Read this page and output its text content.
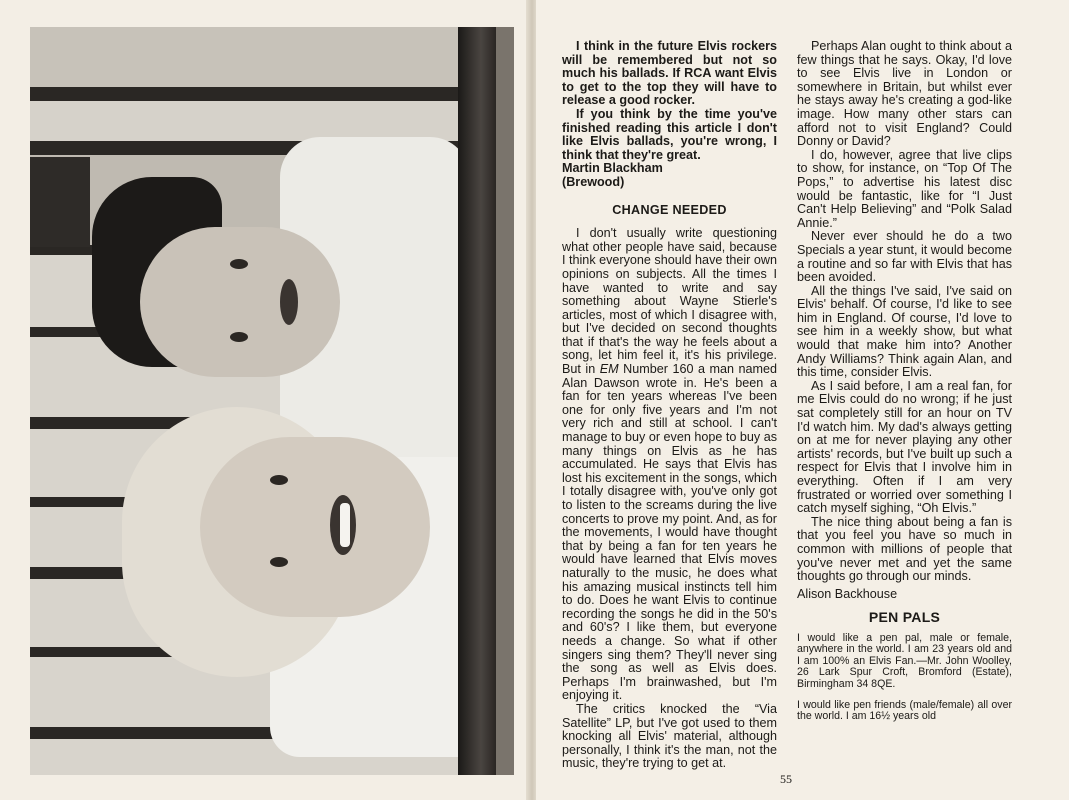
I think in the future Elvis rockers will be remembered but not so much his ballads. If RCA want Elvis to get to the top they will have to release a good rocker.

If you think by the time you've finished reading this article I don't like Elvis ballads, you're wrong, I think that they're great.

Martin Blackham

(Brewood)

CHANGE NEEDED

I don't usually write questioning what other people have said, because I think everyone should have their own opinions on subjects. All the times I have wanted to write and say something about Wayne Stierle's articles, most of which I disagree with, but I've decided on second thoughts that if that's the way he feels about a song, let him feel it, it's his privilege. But in EM Number 160 a man named Alan Dawson wrote in. He's been a fan for ten years whereas I've been one for only five years and I'm not very rich and still at school. I can't manage to buy or even hope to buy as many things on Elvis as he has accumulated. He says that Elvis has lost his excitement in the songs, which I totally disagree with, you've only got to listen to the screams during the live concerts to prove my point. And, as for the movements, I would have thought that by being a fan for ten years he would have learned that Elvis moves naturally to the music, he does what his amazing musical instincts tell him to do. Does he want Elvis to continue recording the songs he did in the 50's and 60's? I like them, but everyone needs a change. So what if other singers sing them? They'll never sing the song as well as Elvis does. Perhaps I'm brainwashed, but I'm enjoying it.

The critics knocked the “Via Satellite” LP, but I've got used to them knocking all Elvis' material, although personally, I think it's the man, not the music, they're trying to get at.

Perhaps Alan ought to think about a few things that he says. Okay, I'd love to see Elvis live in London or somewhere in Britain, but whilst ever he stays away he's creating a god-like image. How many other stars can afford not to visit England? Could Donny or David?

I do, however, agree that live clips to show, for instance, on “Top Of The Pops,” to advertise his latest disc would be fantastic, like for “I Just Can't Help Believing” and “Polk Salad Annie.”

Never ever should he do a two Specials a year stunt, it would become a routine and so far with Elvis that has been avoided.

All the things I've said, I've said on Elvis' behalf. Of course, I'd like to see him in England. Of course, I'd love to see him in a weekly show, but what would that make him into? Another Andy Williams? Think again Alan, and this time, consider Elvis.

As I said before, I am a real fan, for me Elvis could do no wrong; if he just sat completely still for an hour on TV I'd watch him. My dad's always getting on at me for never playing any other artists' records, but I've built up such a respect for Elvis that I involve him in everything. Often if I am very frustrated or worried over something I catch myself sighing, “Oh Elvis.”

The nice thing about being a fan is that you feel you have so much in common with millions of people that you've never met and yet the same thoughts go through our minds.

Alison Backhouse

PEN PALS

I would like a pen pal, male or female, anywhere in the world. I am 23 years old and I am 100% an Elvis Fan.—Mr. John Woolley, 26 Lark Spur Croft, Bromford (Estate), Birmingham 34 8QE.

I would like pen friends (male/female) all over the world. I am 16½ years old

55
